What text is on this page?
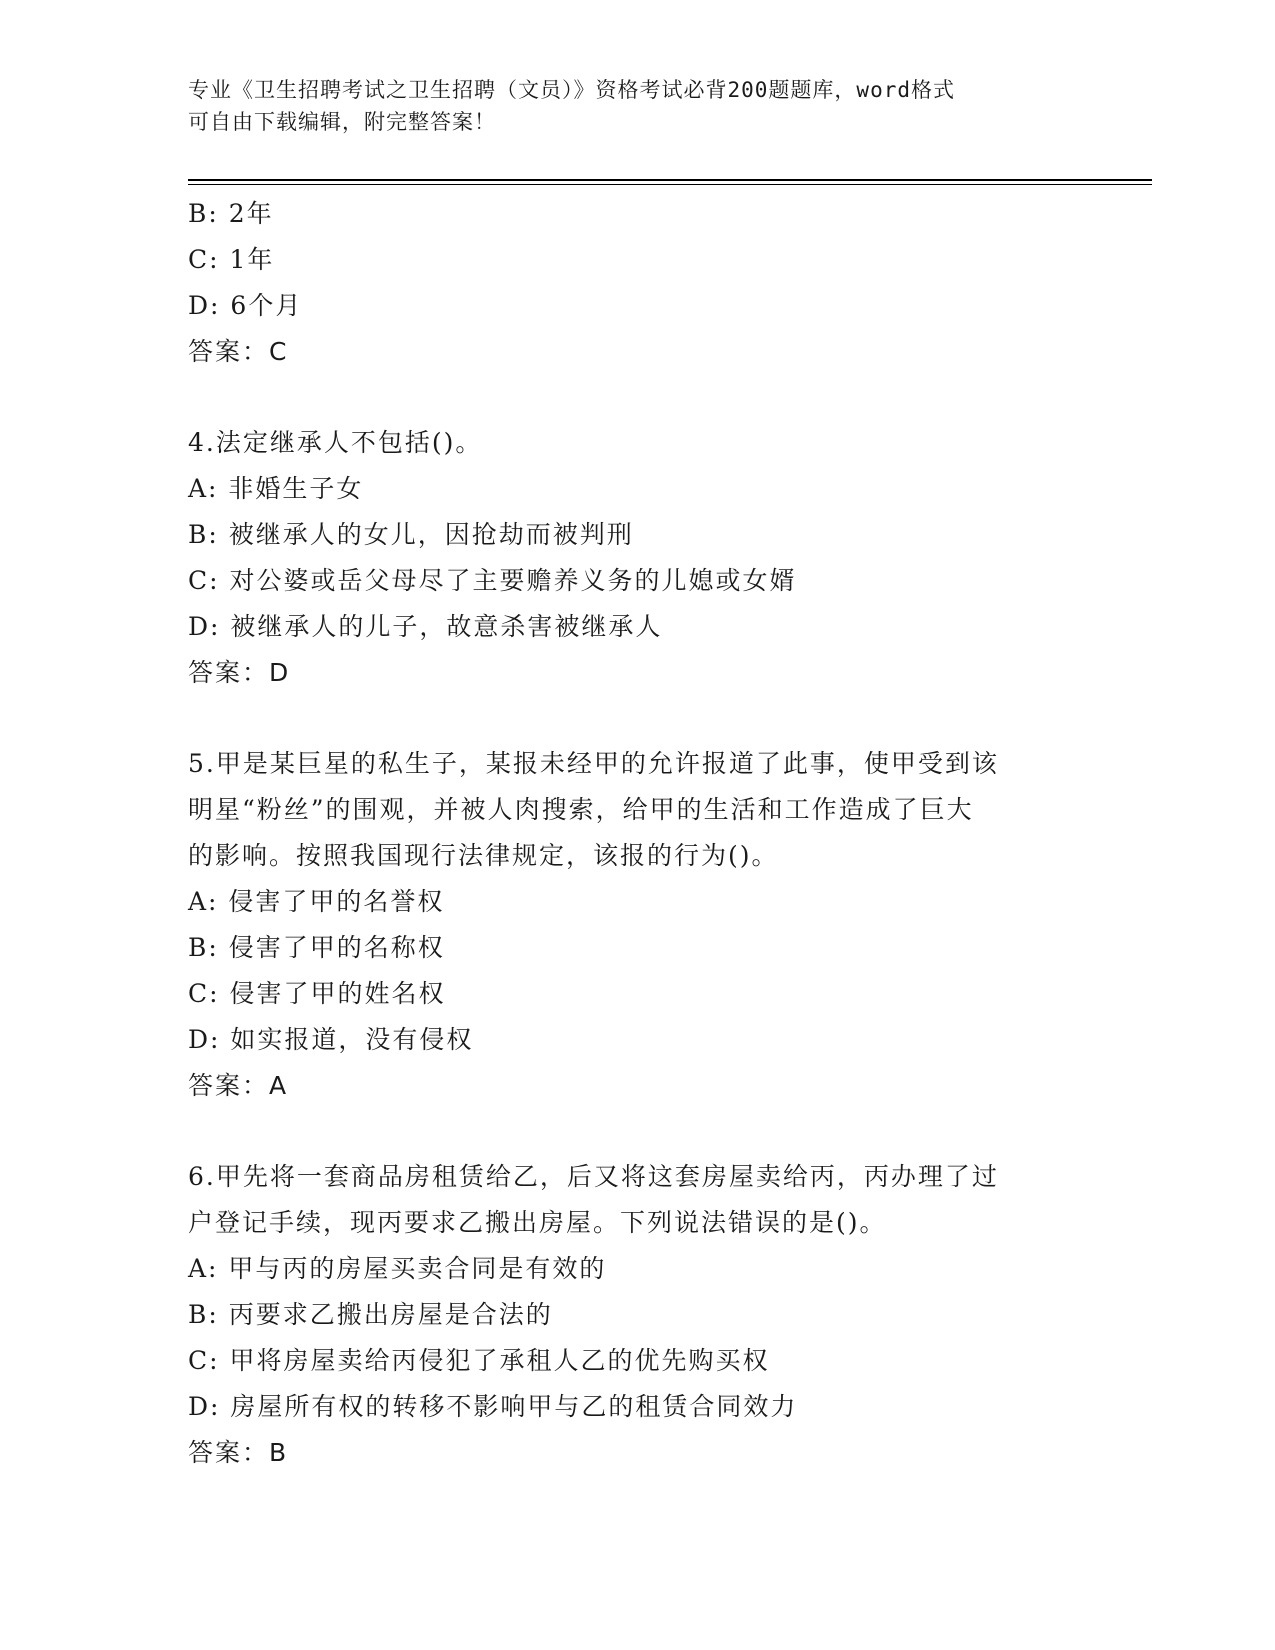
专业《卫生招聘考试之卫生招聘（文员）》资格考试必背200题题库，word格式
可自由下载编辑，附完整答案！
B: 2年
C: 1年
D: 6个月
答案：C
4.法定继承人不包括()。
A: 非婚生子女
B: 被继承人的女儿，因抢劫而被判刑
C: 对公婆或岳父母尽了主要赡养义务的儿媳或女婿
D: 被继承人的儿子，故意杀害被继承人
答案：D
5.甲是某巨星的私生子，某报未经甲的允许报道了此事，使甲受到该
明星“粉丝”的围观，并被人肉搜索，给甲的生活和工作造成了巨大
的影响。按照我国现行法律规定，该报的行为()。
A: 侵害了甲的名誉权
B: 侵害了甲的名称权
C: 侵害了甲的姓名权
D: 如实报道，没有侵权
答案：A
6.甲先将一套商品房租赁给乙，后又将这套房屋卖给丙，丙办理了过
户登记手续，现丙要求乙搬出房屋。下列说法错误的是()。
A: 甲与丙的房屋买卖合同是有效的
B: 丙要求乙搬出房屋是合法的
C: 甲将房屋卖给丙侵犯了承租人乙的优先购买权
D: 房屋所有权的转移不影响甲与乙的租赁合同效力
答案：B
